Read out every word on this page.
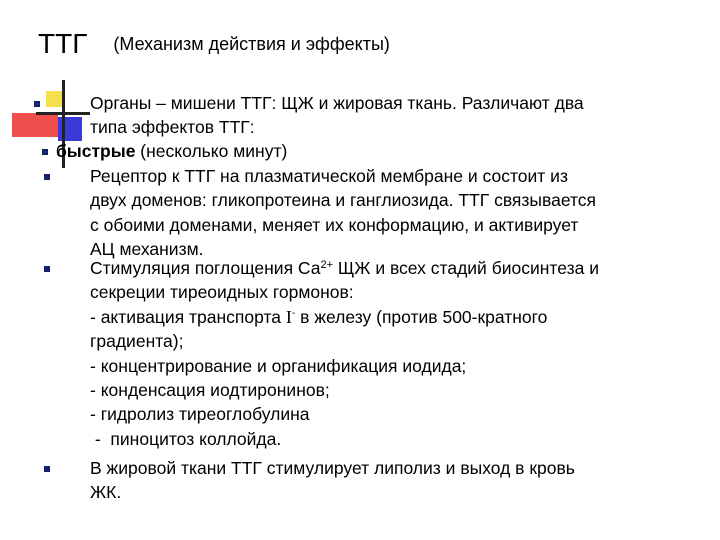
ТТГ (Механизм действия и эффекты)
Органы – мишени ТТГ: ЩЖ и жировая ткань. Различают два
типа эффектов ТТГ:
быстрые (несколько минут)
Рецептор к ТТГ на плазматической мембране и состоит из
двух доменов: гликопротеина и ганглиозида. ТТГ связывается
с обоими доменами, меняет их конформацию, и активирует
АЦ механизм.
Стимуляция поглощения $Са^{2+}$ ЩЖ и всех стадий биосинтеза и
секреции тиреоидных гормонов:
- активация транспорта I- в железу (против 500-кратного
градиента);
- концентрирование и органификация иодида;
- конденсация иодтиронинов;
- гидролиз тиреоглобулина
-  пиноцитоз коллойда.
В жировой ткани ТТГ стимулирует липолиз и выход в кровь
ЖК.
